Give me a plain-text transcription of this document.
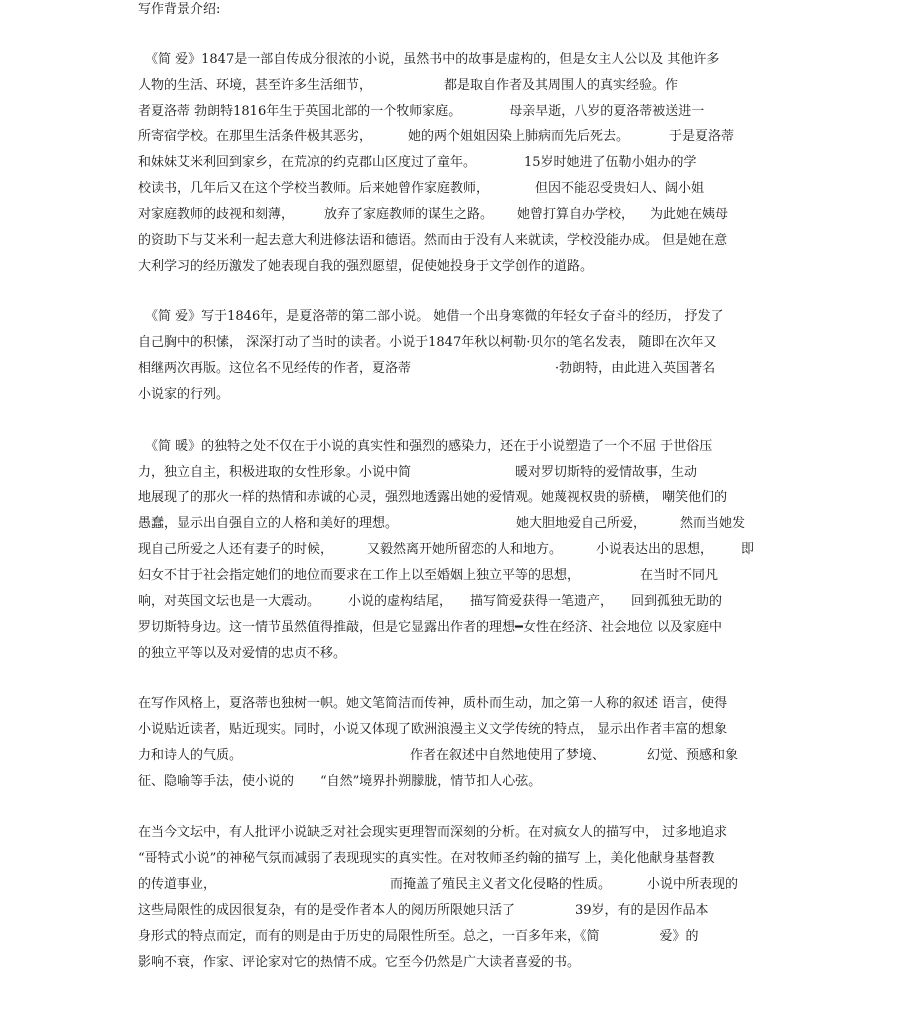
写作背景介绍:
《简 爱》1847是一部自传成分很浓的小说，虽然书中的故事是虚构的，但是女主人公以及 其他许多
人物的生活、环境，甚至许多生活细节，	都是取自作者及其周围人的真实经验。作
者夏洛蒂 勃朗特1816年生于英国北部的一个牧师家庭。	母亲早逝，八岁的夏洛蒂被送进一
所寄宿学校。在那里生活条件极其恶劣，	她的两个姐姐因染上肺病而先后死去。	于是夏洛蒂
和妹妹艾米利回到家乡，在荒凉的约克郡山区度过了童年。	15岁时她进了伍勒小姐办的学
校读书，几年后又在这个学校当教师。后来她曾作家庭教师，	但因不能忍受贵妇人、阔小姐
对家庭教师的歧视和刻薄， 放弃了家庭教师的谋生之路。 她曾打算自办学校， 为此她在姨母
的资助下与艾米利一起去意大利进修法语和德语。然而由于没有人来就读，学校没能办成。 但是她在意
大利学习的经历激发了她表现自我的强烈愿望，促使她投身于文学创作的道路。
《简 爱》写于1846年，是夏洛蒂的第二部小说。 她借一个出身寒微的年轻女子奋斗的经历， 抒发了
自己胸中的积愫， 深深打动了当时的读者。小说于1847年秋以柯勒·贝尔的笔名发表， 随即在次年又
相继两次再版。这位名不见经传的作者，夏洛蒂	·勃朗特，由此进入英国著名
小说家的行列。
《简 暖》的独特之处不仅在于小说的真实性和强烈的感染力，还在于小说塑造了一个不屈 于世俗压
力，独立自主，积极进取的女性形象。小说中简	暖对罗切斯特的爱情故事，生动
地展现了的那火一样的热情和赤诚的心灵，强烈地透露出她的爱情观。她蔑视权贵的骄横， 嘲笑他们的
愚蠢，显示出自强自立的人格和美好的理想。	她大胆地爱自己所爱，	然而当她发
现自己所爱之人还有妻子的时候，	又毅然离开她所留恋的人和地方。	小说表达出的思想， 即
妇女不甘于社会指定她们的地位而要求在工作上以至婚姻上独立平等的思想，	在当时不同凡
响，对英国文坛也是一大震动。 小说的虚构结尾， 描写简爱获得一笔遗产， 回到孤独无助的
罗切斯特身边。这一情节虽然值得推敲，但是它显露出作者的理想━女性在经济、社会地位 以及家庭中
的独立平等以及对爱情的忠贞不移。
在写作风格上，夏洛蒂也独树一帜。她文笔简洁而传神，质朴而生动，加之第一人称的叙述 语言，使得
小说贴近读者，贴近现实。同时，小说又体现了欧洲浪漫主义文学传统的特点， 显示出作者丰富的想象
力和诗人的气质。	作者在叙述中自然地使用了梦境、	幻觉、预感和象
征、隐喻等手法，使小说的 “自然”境界扑朔朦胧，情节扣人心弦。
在当今文坛中，有人批评小说缺乏对社会现实更理智而深刻的分析。在对疯女人的描写中， 过多地追求
“哥特式小说”的神秘气氛而减弱了表现现实的真实性。在对牧师圣约翰的描写 上，美化他献身基督教
的传道事业，	而掩盖了殖民主义者文化侵略的性质。	小说中所表现的
这些局限性的成因很复杂，有的是受作者本人的阅历所限她只活了	39岁，有的是因作品本
身形式的特点而定，而有的则是由于历史的局限性所至。总之，一百多年来，《简	爱》的
影响不衰，作家、评论家对它的热情不成。它至今仍然是广大读者喜爱的书。
